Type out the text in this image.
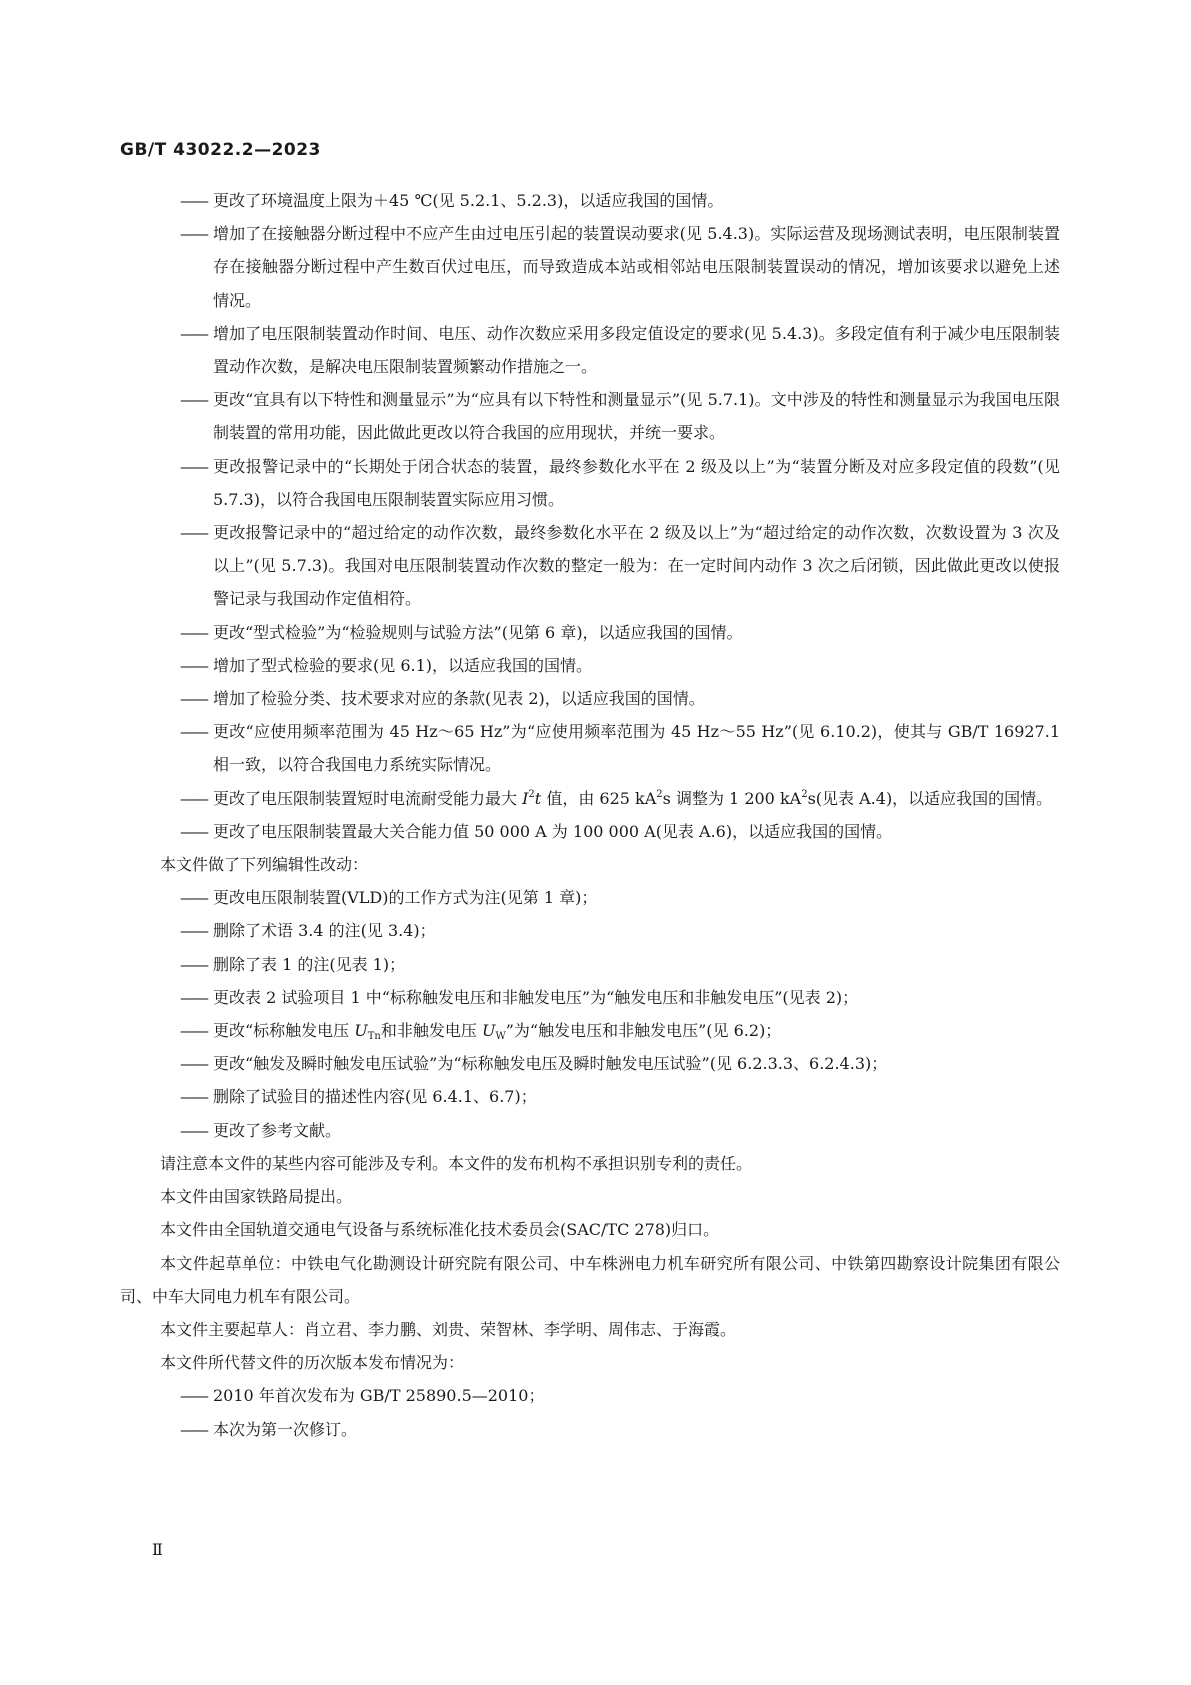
GB/T 43022.2—2023
—— 更改了环境温度上限为＋45 ℃(见 5.2.1、5.2.3)，以适应我国的国情。
—— 增加了在接触器分断过程中不应产生由过电压引起的装置误动要求(见 5.4.3)。实际运营及现场测试表明，电压限制装置存在接触器分断过程中产生数百伏过电压，而导致造成本站或相邻站电压限制装置误动的情况，增加该要求以避免上述情况。
—— 增加了电压限制装置动作时间、电压、动作次数应采用多段定值设定的要求(见 5.4.3)。多段定值有利于减少电压限制装置动作次数，是解决电压限制装置频繁动作措施之一。
—— 更改“宜具有以下特性和测量显示”为“应具有以下特性和测量显示”(见 5.7.1)。文中涉及的特性和测量显示为我国电压限制装置的常用功能，因此做此更改以符合我国的应用现状，并统一要求。
—— 更改报警记录中的“长期处于闭合状态的装置，最终参数化水平在 2 级及以上”为“装置分断及对应多段定值的段数”(见 5.7.3)，以符合我国电压限制装置实际应用习惯。
—— 更改报警记录中的“超过给定的动作次数，最终参数化水平在 2 级及以上”为“超过给定的动作次数，次数设置为 3 次及以上”(见 5.7.3)。我国对电压限制装置动作次数的整定一般为：在一定时间内动作 3 次之后闭锁，因此做此更改以使报警记录与我国动作定值相符。
—— 更改“型式检验”为“检验规则与试验方法”(见第 6 章)，以适应我国的国情。
—— 增加了型式检验的要求(见 6.1)，以适应我国的国情。
—— 增加了检验分类、技术要求对应的条款(见表 2)，以适应我国的国情。
—— 更改“应使用频率范围为 45 Hz～65 Hz”为“应使用频率范围为 45 Hz～55 Hz”(见 6.10.2)，使其与 GB/T 16927.1 相一致，以符合我国电力系统实际情况。
—— 更改了电压限制装置短时电流耐受能力最大 $I^2t$ 值，由 625 $kA^2s$ 调整为 1 200 $kA^2s$(见表 A.4)，以适应我国的国情。
—— 更改了电压限制装置最大关合能力值 50 000 A 为 100 000 A(见表 A.6)，以适应我国的国情。
本文件做了下列编辑性改动：
—— 更改电压限制装置(VLD)的工作方式为注(见第 1 章)；
—— 删除了术语 3.4 的注(见 3.4)；
—— 删除了表 1 的注(见表 1)；
—— 更改表 2 试验项目 1 中“标称触发电压和非触发电压”为“触发电压和非触发电压”(见表 2)；
—— 更改“标称触发电压 $U_{Tn}$和非触发电压 $U_W$”为“触发电压和非触发电压”(见 6.2)；
—— 更改“触发及瞬时触发电压试验”为“标称触发电压及瞬时触发电压试验”(见 6.2.3.3、6.2.4.3)；
—— 删除了试验目的描述性内容(见 6.4.1、6.7)；
—— 更改了参考文献。
请注意本文件的某些内容可能涉及专利。本文件的发布机构不承担识别专利的责任。
本文件由国家铁路局提出。
本文件由全国轨道交通电气设备与系统标准化技术委员会(SAC/TC 278)归口。
本文件起草单位：中铁电气化勘测设计研究院有限公司、中车株洲电力机车研究所有限公司、中铁第四勘察设计院集团有限公司、中车大同电力机车有限公司。
本文件主要起草人：肖立君、李力鹏、刘贵、荣智林、李学明、周伟志、于海霞。
本文件所代替文件的历次版本发布情况为：
—— 2010 年首次发布为 GB/T 25890.5—2010；
—— 本次为第一次修订。
Ⅱ
